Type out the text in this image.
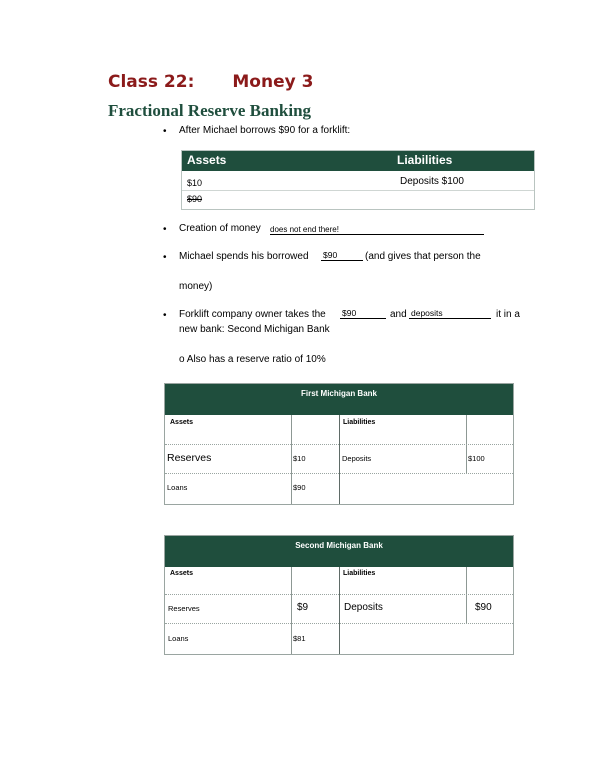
Class 22: Money 3
Fractional Reserve Banking
• After Michael borrows $90 for a forklift:
Assets	Liabilities
$10	Deposits $100
$90
• Creation of money does not end there!
• Michael spends his borrowed $90	(and gives that person the
money)
• Forklift company owner takes the $90	and deposits	it in a
new bank: Second Michigan Bank
o Also has a reserve ratio of 10%
First Michigan Bank
Assets	Liabilities
Reserves	$10	Deposits	$100
Loans	$90
Second Michigan Bank
Assets	Liabilities
Reserves	$9	Deposits	$90
Loans	$81
